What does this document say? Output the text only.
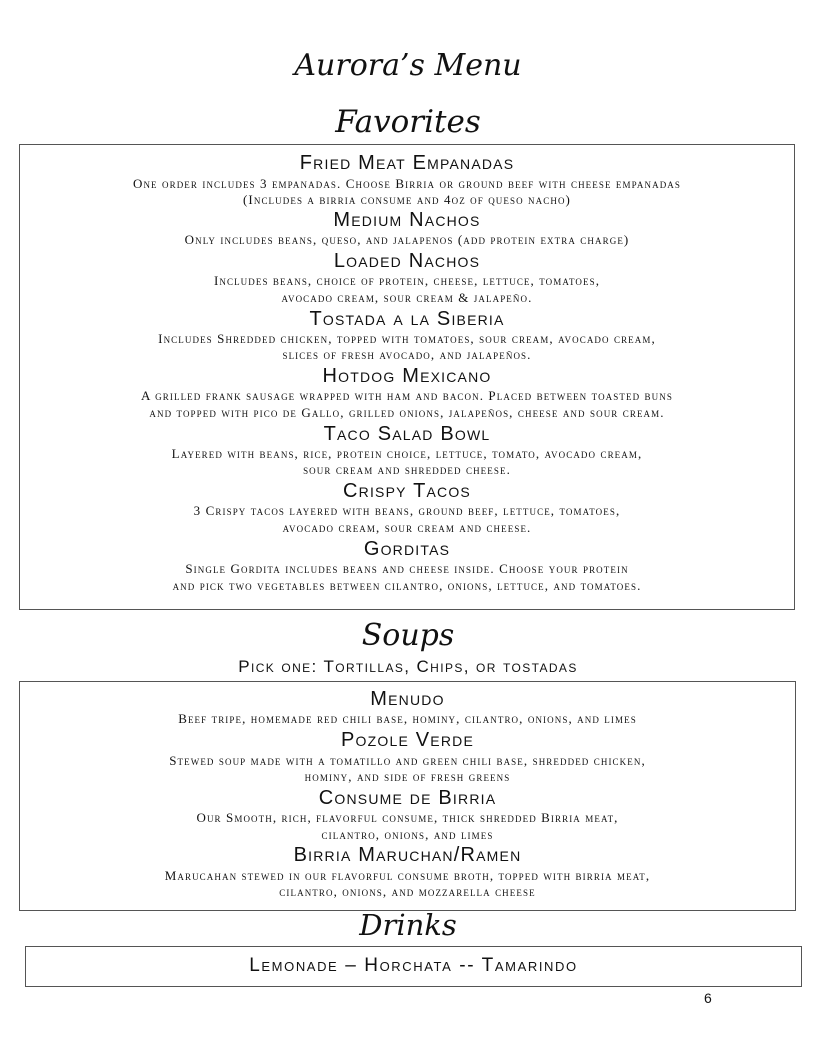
Aurora’s Menu
Favorites
Fried Meat Empanadas
One order includes 3 empanadas. Choose Birria or ground beef with cheese empanadas
(Includes a birria consume and 4oz of queso nacho)
Medium Nachos
Only includes beans, queso, and jalapenos (add protein extra charge)
Loaded Nachos
Includes beans, choice of protein, cheese, lettuce, tomatoes,
avocado cream, sour cream & jalapeño.
Tostada a la Siberia
Includes Shredded chicken, topped with tomatoes, sour cream, avocado cream,
slices of fresh avocado, and jalapeños.
Hotdog Mexicano
A grilled frank sausage wrapped with ham and bacon. Placed between toasted buns
and topped with pico de Gallo, grilled onions, jalapeños, cheese and sour cream.
Taco Salad Bowl
Layered with beans, rice, protein choice, lettuce, tomato, avocado cream,
sour cream and shredded cheese.
Crispy Tacos
3 Crispy tacos layered with beans, ground beef, lettuce, tomatoes,
avocado cream, sour cream and cheese.
Gorditas
Single Gordita includes beans and cheese inside. Choose your protein
and pick two vegetables between cilantro, onions, lettuce, and tomatoes.
Soups
Pick one: Tortillas, Chips, or tostadas
Menudo
Beef tripe, homemade red chili base, hominy, cilantro, onions, and limes
Pozole Verde
Stewed soup made with a tomatillo and green chili base, shredded chicken,
hominy, and side of fresh greens
Consume de Birria
Our Smooth, rich, flavorful consume, thick shredded Birria meat,
cilantro, onions, and limes
Birria Maruchan/Ramen
Marucahan stewed in our flavorful consume broth, topped with birria meat,
cilantro, onions, and mozzarella cheese
Drinks
Lemonade – Horchata -- Tamarindo
6
